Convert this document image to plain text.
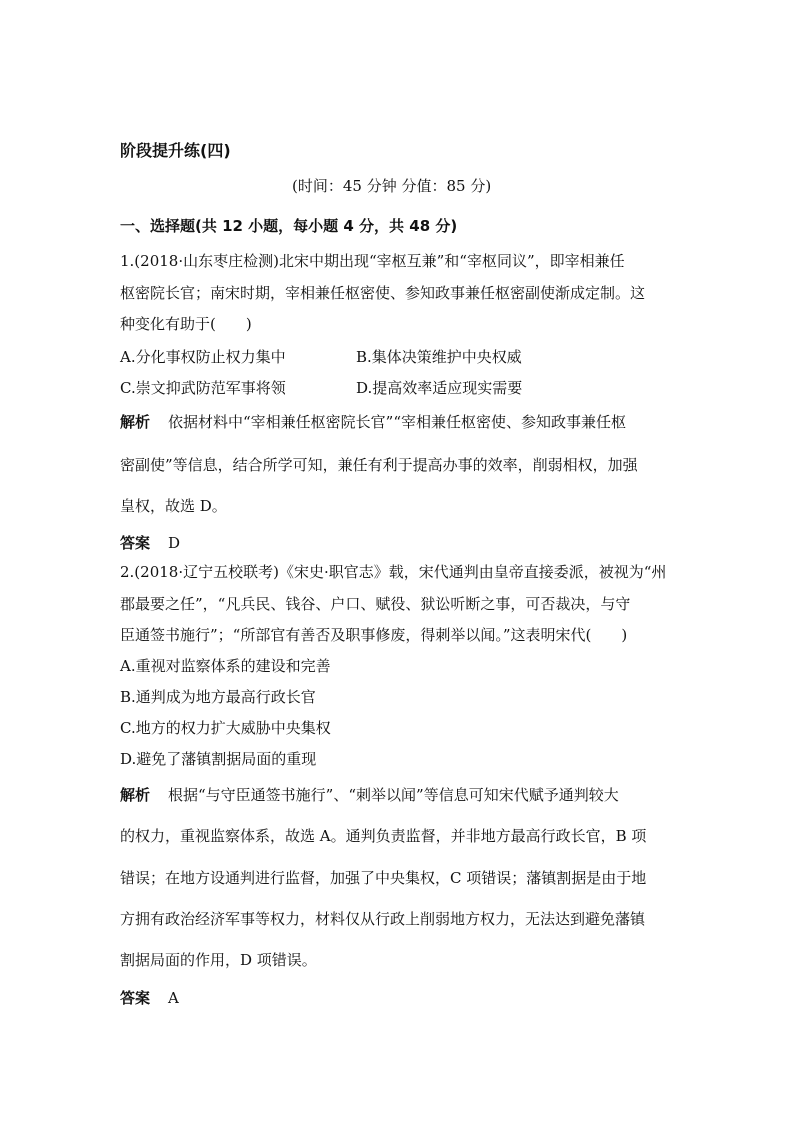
阶段提升练(四)

(时间：45 分钟 分值：85 分)

一、选择题(共 12 小题，每小题 4 分，共 48 分)

1.(2018·山东枣庄检测)北宋中期出现“宰枢互兼”和“宰枢同议”，即宰相兼任

枢密院长官；南宋时期，宰相兼任枢密使、参知政事兼任枢密副使渐成定制。这

种变化有助于(　　)

A.分化事权防止权力集中	B.集体决策维护中央权威

C.崇文抑武防范军事将领	D.提高效率适应现实需要

解析 依据材料中“宰相兼任枢密院长官”“宰相兼任枢密使、参知政事兼任枢

密副使”等信息，结合所学可知，兼任有利于提高办事的效率，削弱相权，加强

皇权，故选 D。

答案 D

2.(2018·辽宁五校联考)《宋史·职官志》载，宋代通判由皇帝直接委派，被视为“州

郡最要之任”，“凡兵民、钱谷、户口、赋役、狱讼听断之事，可否裁决，与守

臣通签书施行”；“所部官有善否及职事修废，得刺举以闻。”这表明宋代(　　)

A.重视对监察体系的建设和完善

B.通判成为地方最高行政长官

C.地方的权力扩大威胁中央集权

D.避免了藩镇割据局面的重现

解析 根据“与守臣通签书施行”、“刺举以闻”等信息可知宋代赋予通判较大

的权力，重视监察体系，故选 A。通判负责监督，并非地方最高行政长官，B 项

错误；在地方设通判进行监督，加强了中央集权，C 项错误；藩镇割据是由于地

方拥有政治经济军事等权力，材料仅从行政上削弱地方权力，无法达到避免藩镇

割据局面的作用，D 项错误。

答案 A
